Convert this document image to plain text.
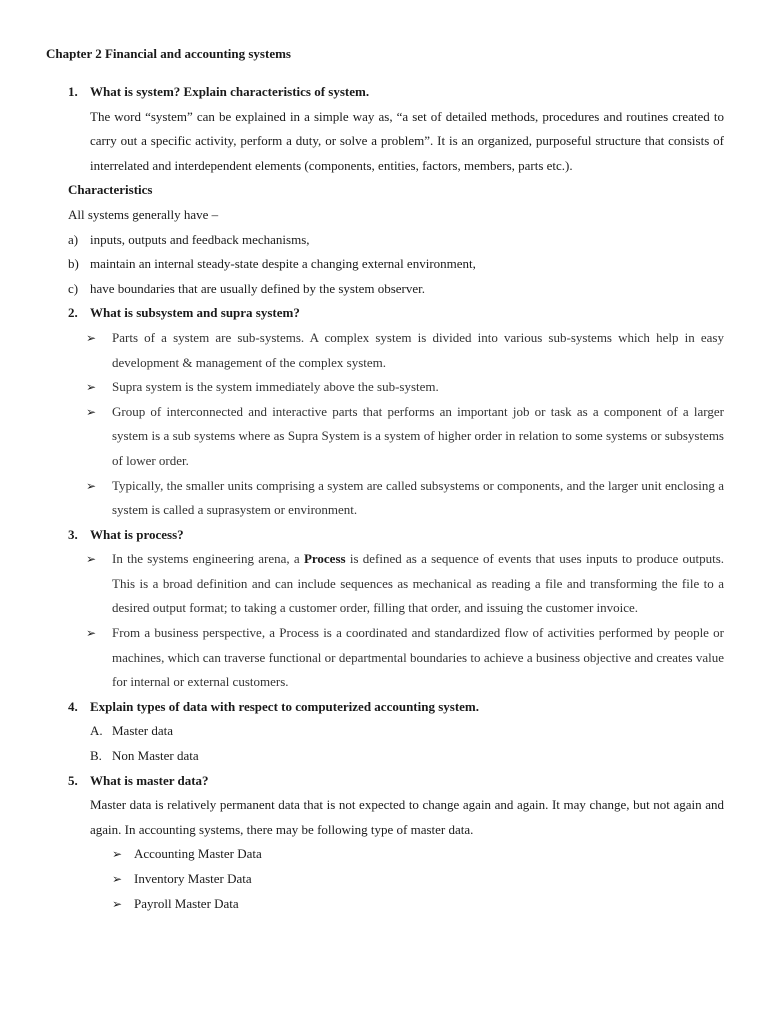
Chapter 2 Financial and accounting systems
1. What is system? Explain characteristics of system.
The word “system” can be explained in a simple way as, “a set of detailed methods, procedures and routines created to carry out a specific activity, perform a duty, or solve a problem”. It is an organized, purposeful structure that consists of interrelated and interdependent elements (components, entities, factors, members, parts etc.).
Characteristics
All systems generally have –
a) inputs, outputs and feedback mechanisms,
b) maintain an internal steady-state despite a changing external environment,
c) have boundaries that are usually defined by the system observer.
2. What is subsystem and supra system?
➢	Parts of a system are sub-systems. A complex system is divided into various sub-systems which help in easy development & management of the complex system.
➢	Supra system is the system immediately above the sub-system.
➢	Group of interconnected and interactive parts that performs an important job or task as a component of a larger system is a sub systems where as Supra System is a system of higher order in relation to some systems or subsystems of lower order.
➢	Typically, the smaller units comprising a system are called subsystems or components, and the larger unit enclosing a system is called a suprasystem or environment.
3. What is process?
➢	In the systems engineering arena, a Process is defined as a sequence of events that uses inputs to produce outputs. This is a broad definition and can include sequences as mechanical as reading a file and transforming the file to a desired output format; to taking a customer order, filling that order, and issuing the customer invoice.
➢	From a business perspective, a Process is a coordinated and standardized flow of activities performed by people or machines, which can traverse functional or departmental boundaries to achieve a business objective and creates value for internal or external customers.
4. Explain types of data with respect to computerized accounting system.
A. Master data
B. Non Master data
5. What is master data?
Master data is relatively permanent data that is not expected to change again and again. It may change, but not again and again. In accounting systems, there may be following type of master data.
➢ Accounting Master Data
➢ Inventory Master Data
➢ Payroll Master Data
